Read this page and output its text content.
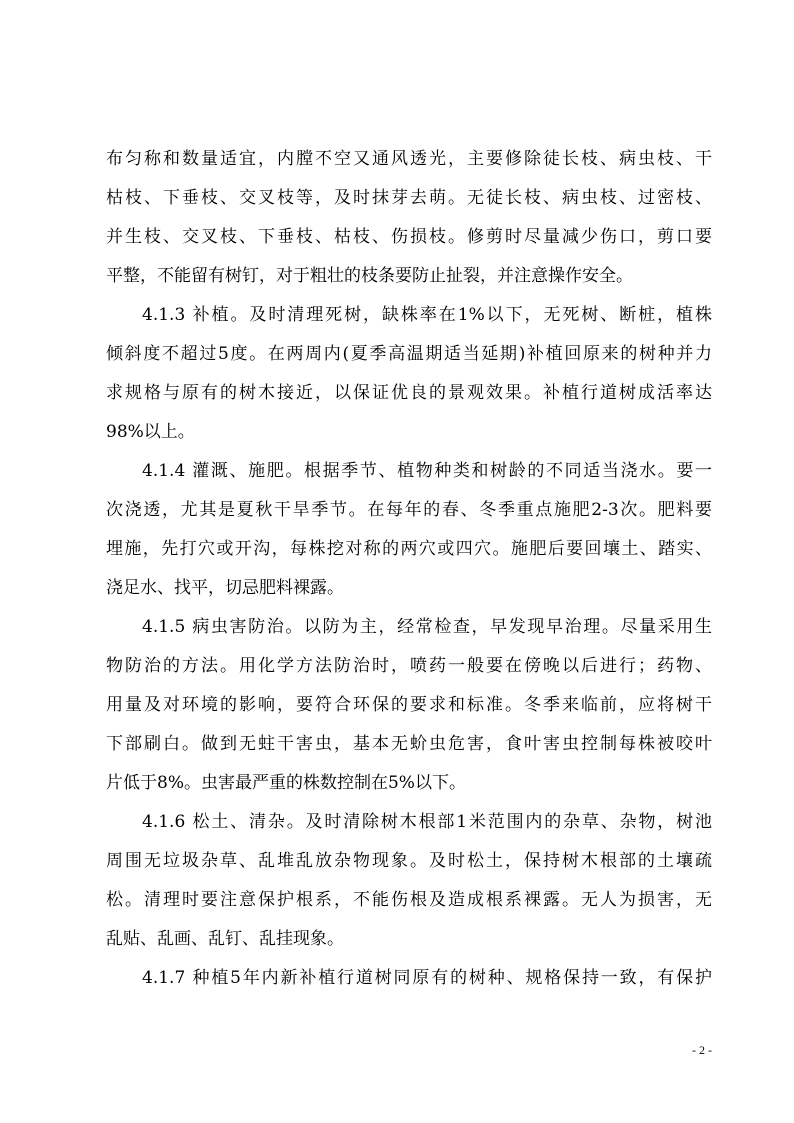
布匀称和数量适宜，内膛不空又通风透光，主要修除徒长枝、病虫枝、干
枯枝、下垂枝、交叉枝等，及时抹芽去萌。无徒长枝、病虫枝、过密枝、
并生枝、交叉枝、下垂枝、枯枝、伤损枝。修剪时尽量减少伤口，剪口要
平整，不能留有树钉，对于粗壮的枝条要防止扯裂，并注意操作安全。
4.1.3 补植。及时清理死树，缺株率在1%以下，无死树、断桩，植株
倾斜度不超过5度。在两周内(夏季高温期适当延期)补植回原来的树种并力
求规格与原有的树木接近，以保证优良的景观效果。补植行道树成活率达
98%以上。
4.1.4 灌溉、施肥。根据季节、植物种类和树龄的不同适当浇水。要一
次浇透，尤其是夏秋干旱季节。在每年的春、冬季重点施肥2-3次。肥料要
埋施，先打穴或开沟，每株挖对称的两穴或四穴。施肥后要回壤土、踏实、
浇足水、找平，切忌肥料裸露。
4.1.5 病虫害防治。以防为主，经常检查，早发现早治理。尽量采用生
物防治的方法。用化学方法防治时，喷药一般要在傍晚以后进行；药物、
用量及对环境的影响，要符合环保的要求和标准。冬季来临前，应将树干
下部刷白。做到无蛀干害虫，基本无蚧虫危害，食叶害虫控制每株被咬叶
片低于8%。虫害最严重的株数控制在5%以下。
4.1.6 松土、清杂。及时清除树木根部1米范围内的杂草、杂物，树池
周围无垃圾杂草、乱堆乱放杂物现象。及时松土，保持树木根部的土壤疏
松。清理时要注意保护根系，不能伤根及造成根系裸露。无人为损害，无
乱贴、乱画、乱钉、乱挂现象。
4.1.7 种植5年内新补植行道树同原有的树种、规格保持一致，有保护
- 2 -
